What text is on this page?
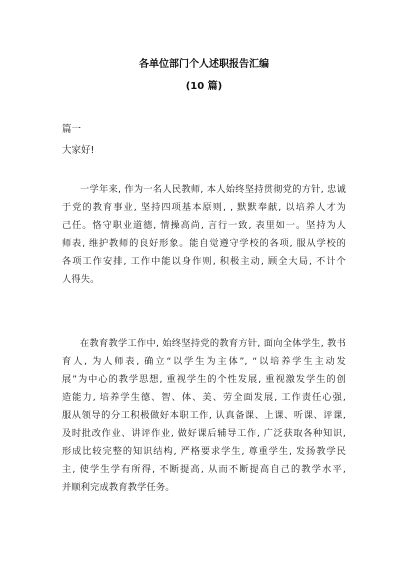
各单位部门个人述职报告汇编
(10 篇)
篇一
大家好!
一学年来, 作为一名人民教师, 本人始终坚持贯彻党的方针, 忠诚
于党的教育事业, 坚持四项基本原则, , 默默奉献, 以培养人才为
己任。恪守职业道德, 情操高尚, 言行一致, 表里如一。坚持为人
师表, 维护教师的良好形象。能自觉遵守学校的各项, 服从学校的
各项工作安排, 工作中能以身作则, 积极主动, 顾全大局, 不计个
人得失。
在教育教学工作中, 始终坚持党的教育方针, 面向全体学生, 教书
育人, 为人师表, 确立“以学生为主体”, “以培养学生主动发
展”为中心的教学思想, 重视学生的个性发展, 重视激发学生的创
造能力, 培养学生德、智、体、美、劳全面发展, 工作责任心强,
服从领导的分工积极做好本职工作, 认真备课、上课、听课、评课,
及时批改作业、讲评作业, 做好课后辅导工作, 广泛获取各种知识,
形成比较完整的知识结构, 严格要求学生, 尊重学生, 发扬教学民
主, 使学生学有所得, 不断提高, 从而不断提高自己的教学水平,
并顺利完成教育教学任务。
